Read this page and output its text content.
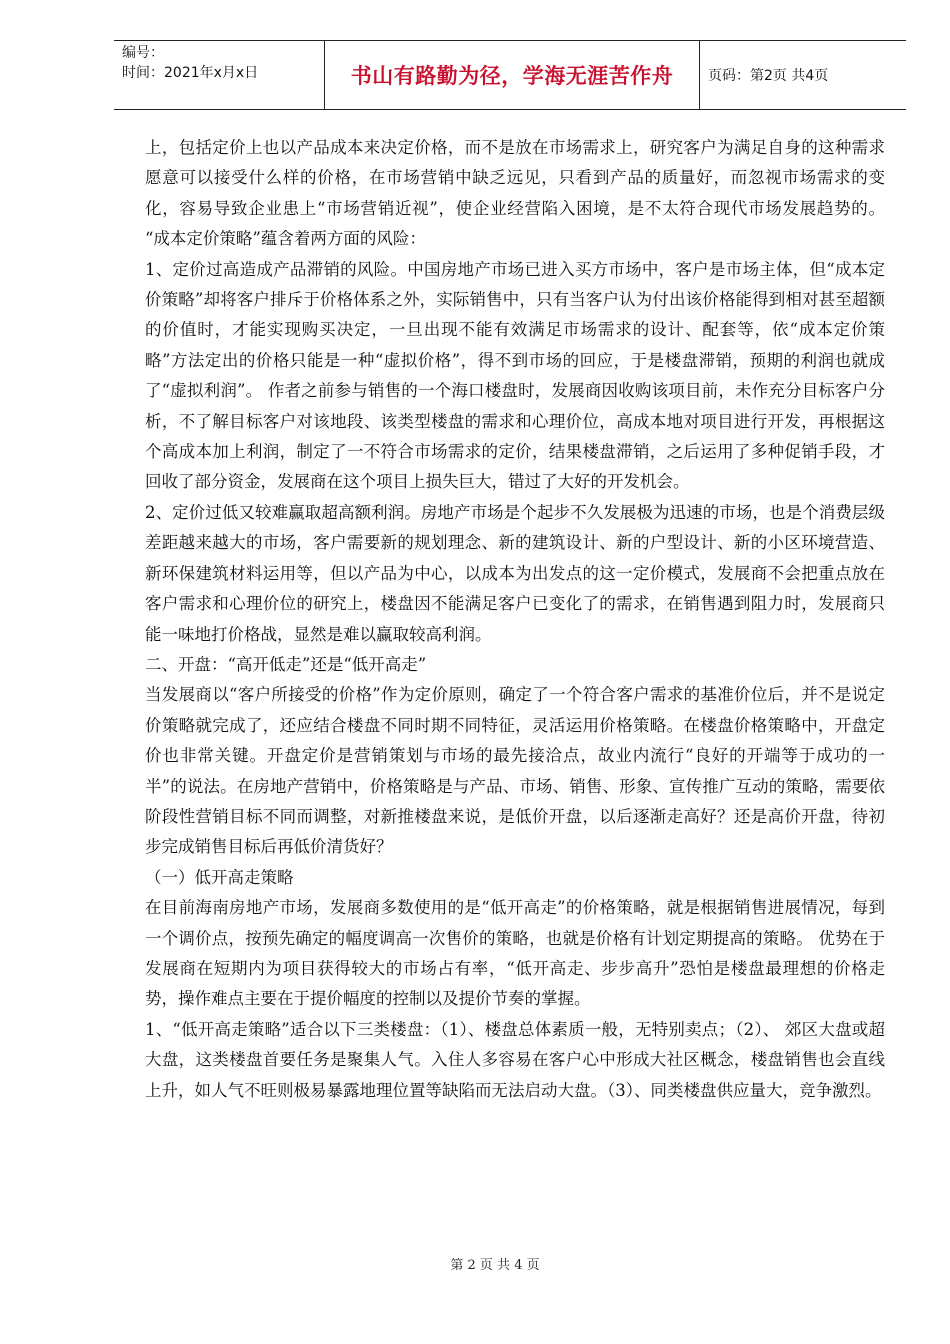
编号：
时间：2021年x月x日	书山有路勤为径，学海无涯苦作舟	页码：第2页 共4页

上，包括定价上也以产品成本来决定价格，而不是放在市场需求上，研究客户为满足自身的这种需求愿意可以接受什么样的价格，在市场营销中缺乏远见，只看到产品的质量好，而忽视市场需求的变化，容易导致企业患上“市场营销近视”，使企业经营陷入困境，是不太符合现代市场发展趋势的。 “成本定价策略”蕴含着两方面的风险：

1、定价过高造成产品滞销的风险。中国房地产市场已进入买方市场中，客户是市场主体，但“成本定价策略”却将客户排斥于价格体系之外，实际销售中，只有当客户认为付出该价格能得到相对甚至超额的价值时，才能实现购买决定，一旦出现不能有效满足市场需求的设计、配套等，依“成本定价策略”方法定出的价格只能是一种“虚拟价格”，得不到市场的回应，于是楼盘滞销，预期的利润也就成了“虚拟利润”。 作者之前参与销售的一个海口楼盘时，发展商因收购该项目前，未作充分目标客户分析，不了解目标客户对该地段、该类型楼盘的需求和心理价位，高成本地对项目进行开发，再根据这个高成本加上利润，制定了一不符合市场需求的定价，结果楼盘滞销，之后运用了多种促销手段，才回收了部分资金，发展商在这个项目上损失巨大，错过了大好的开发机会。

2、定价过低又较难赢取超高额利润。房地产市场是个起步不久发展极为迅速的市场，也是个消费层级差距越来越大的市场，客户需要新的规划理念、新的建筑设计、新的户型设计、新的小区环境营造、新环保建筑材料运用等，但以产品为中心，以成本为出发点的这一定价模式，发展商不会把重点放在客户需求和心理价位的研究上，楼盘因不能满足客户已变化了的需求，在销售遇到阻力时，发展商只能一味地打价格战，显然是难以赢取较高利润。

二、开盘：“高开低走”还是“低开高走”

当发展商以“客户所接受的价格”作为定价原则，确定了一个符合客户需求的基准价位后，并不是说定价策略就完成了，还应结合楼盘不同时期不同特征，灵活运用价格策略。在楼盘价格策略中，开盘定价也非常关键。开盘定价是营销策划与市场的最先接洽点，故业内流行“良好的开端等于成功的一半”的说法。在房地产营销中，价格策略是与产品、市场、销售、形象、宣传推广互动的策略，需要依阶段性营销目标不同而调整，对新推楼盘来说，是低价开盘，以后逐渐走高好？还是高价开盘，待初步完成销售目标后再低价清货好？

（一）低开高走策略

在目前海南房地产市场，发展商多数使用的是“低开高走”的价格策略，就是根据销售进展情况，每到一个调价点，按预先确定的幅度调高一次售价的策略，也就是价格有计划定期提高的策略。 优势在于发展商在短期内为项目获得较大的市场占有率，“低开高走、步步高升”恐怕是楼盘最理想的价格走势，操作难点主要在于提价幅度的控制以及提价节奏的掌握。

1、“低开高走策略”适合以下三类楼盘：（1）、楼盘总体素质一般，无特别卖点；（2）、 郊区大盘或超大盘，这类楼盘首要任务是聚集人气。入住人多容易在客户心中形成大社区概念，楼盘销售也会直线上升，如人气不旺则极易暴露地理位置等缺陷而无法启动大盘。（3）、同类楼盘供应量大，竞争激烈。

第 2 页 共 4 页
